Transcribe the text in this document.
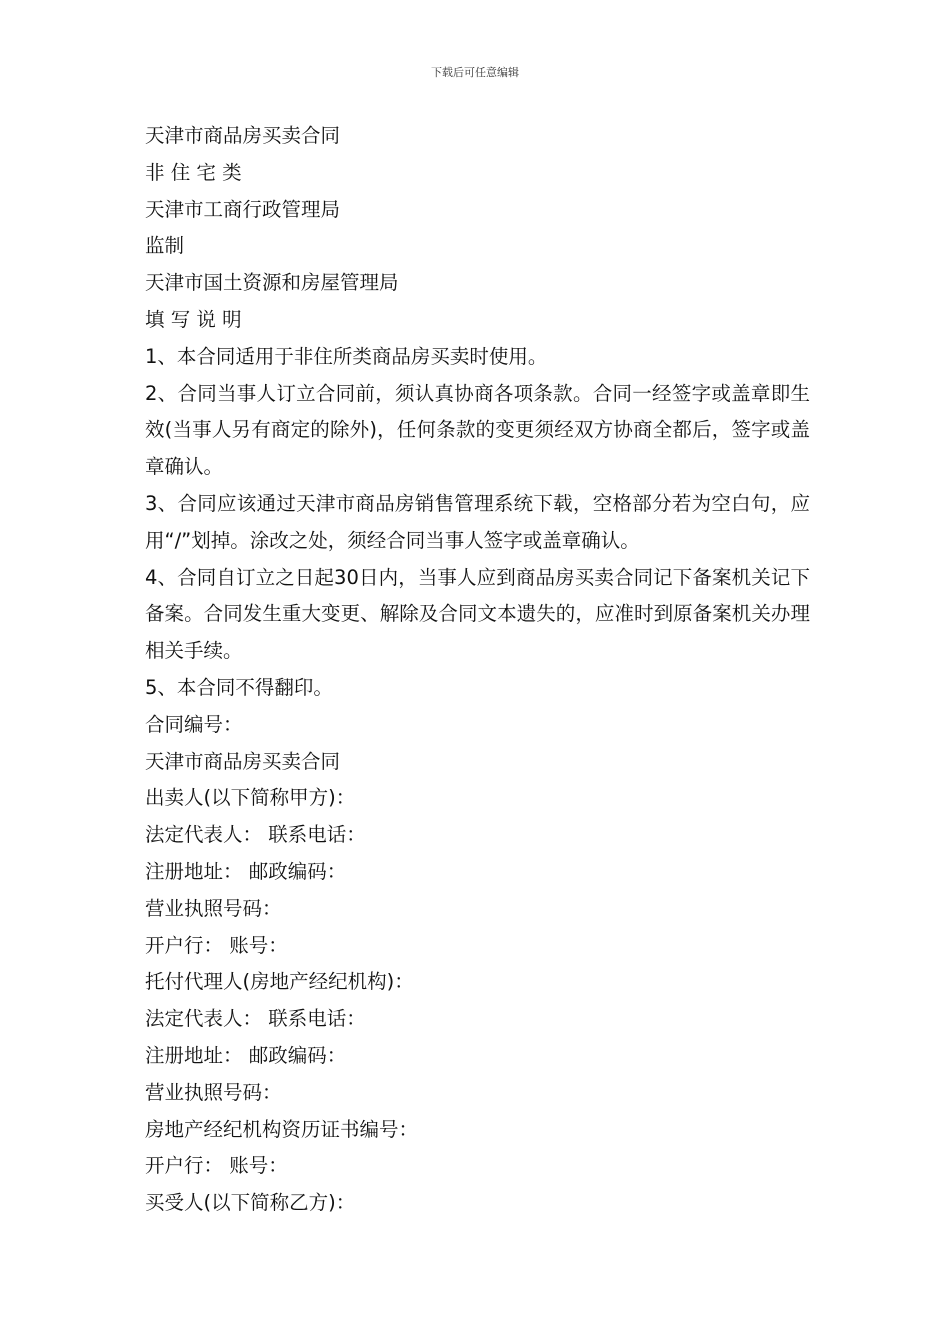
下载后可任意编辑
天津市商品房买卖合同
非 住 宅 类
天津市工商行政管理局
监制
天津市国土资源和房屋管理局
填 写 说 明
1、本合同适用于非住所类商品房买卖时使用。
2、合同当事人订立合同前，须认真协商各项条款。合同一经签字或盖章即生效(当事人另有商定的除外)，任何条款的变更须经双方协商全都后，签字或盖章确认。
3、合同应该通过天津市商品房销售管理系统下载，空格部分若为空白句，应用“/”划掉。涂改之处，须经合同当事人签字或盖章确认。
4、合同自订立之日起30日内，当事人应到商品房买卖合同记下备案机关记下备案。合同发生重大变更、解除及合同文本遗失的，应准时到原备案机关办理相关手续。
5、本合同不得翻印。
合同编号：
天津市商品房买卖合同
出卖人(以下简称甲方)：
法定代表人： 联系电话：
注册地址： 邮政编码：
营业执照号码：
开户行： 账号：
托付代理人(房地产经纪机构)：
法定代表人： 联系电话：
注册地址： 邮政编码：
营业执照号码：
房地产经纪机构资历证书编号：
开户行： 账号：
买受人(以下简称乙方)：
